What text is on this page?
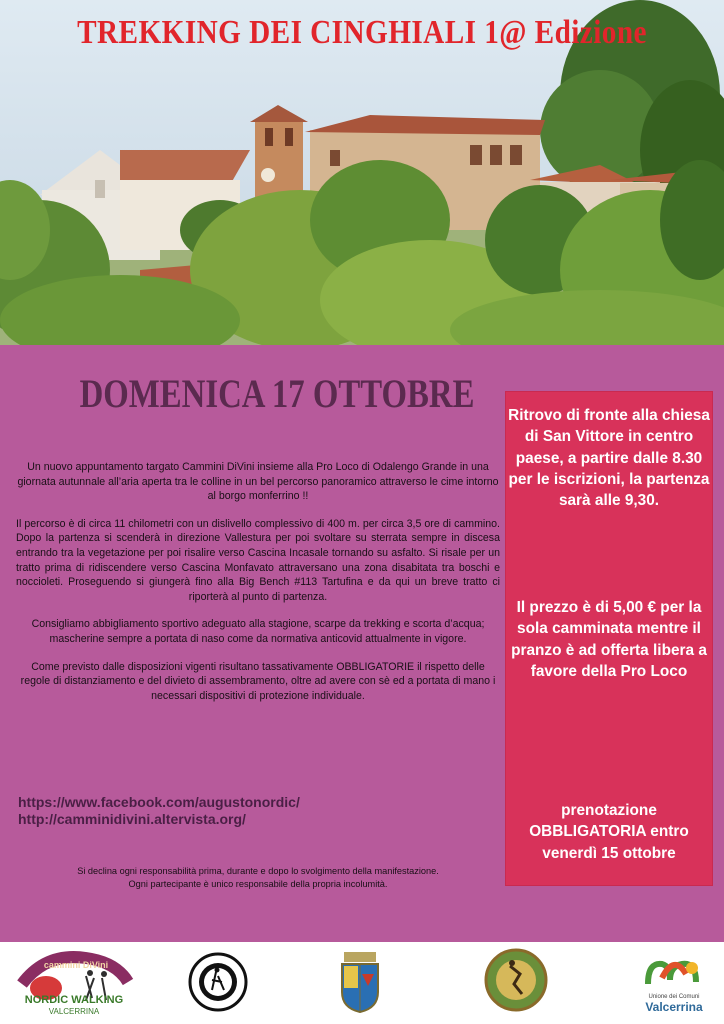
TREKKING DEI CINGHIALI 1@ Edizione
DOMENICA 17 OTTOBRE

Un nuovo appuntamento targato Cammini DiVini insieme alla Pro Loco di Odalengo Grande in una giornata autunnale all’aria aperta tra le colline in un bel percorso panoramico attraverso le cime intorno al borgo monferrino !!

Il percorso è di circa 11 chilometri con un dislivello complessivo di 400 m. per circa 3,5 ore di cammino. Dopo la partenza si scenderà in direzione Vallestura per poi svoltare su sterrata sempre in discesa entrando tra la vegetazione per poi risalire verso Cascina Incasale tornando su asfalto. Si risale per un tratto prima di ridiscendere verso Cascina Monfavato attraversano una zona disabitata tra boschi e noccioleti. Proseguendo si giungerà fino alla Big Bench #113 Tartufina e da qui un breve tratto ci riporterà al punto di partenza.

Consigliamo abbigliamento sportivo adeguato alla stagione, scarpe da trekking e scorta d’acqua; mascherine sempre a portata di naso come da normativa anticovid attualmente in vigore.

Come previsto dalle disposizioni vigenti risultano tassativamente OBBLIGATORIE il rispetto delle regole di distanziamento e del divieto di assembramento, oltre ad avere con sè ed a portata di mano i necessari dispositivi di protezione individuale.

https://www.facebook.com/augustonordic/
http://camminidivini.altervista.org/
Si declina ogni responsabilità prima, durante e dopo lo svolgimento della manifestazione.
Ogni partecipante è unico responsabile della propria incolumità.
Ritrovo di fronte alla chiesa di San Vittore in centro paese, a partire dalle 8.30 per le iscrizioni, la partenza sarà alle 9,30.
Il prezzo è di 5,00 € per la sola camminata mentre il pranzo è ad offerta libera a favore della Pro Loco
prenotazione OBBLIGATORIA entro venerdì 15 ottobre
cammini DiVini
NORDIC WALKING
VALCERRINA
Unione dei Comuni
Valcerrina
